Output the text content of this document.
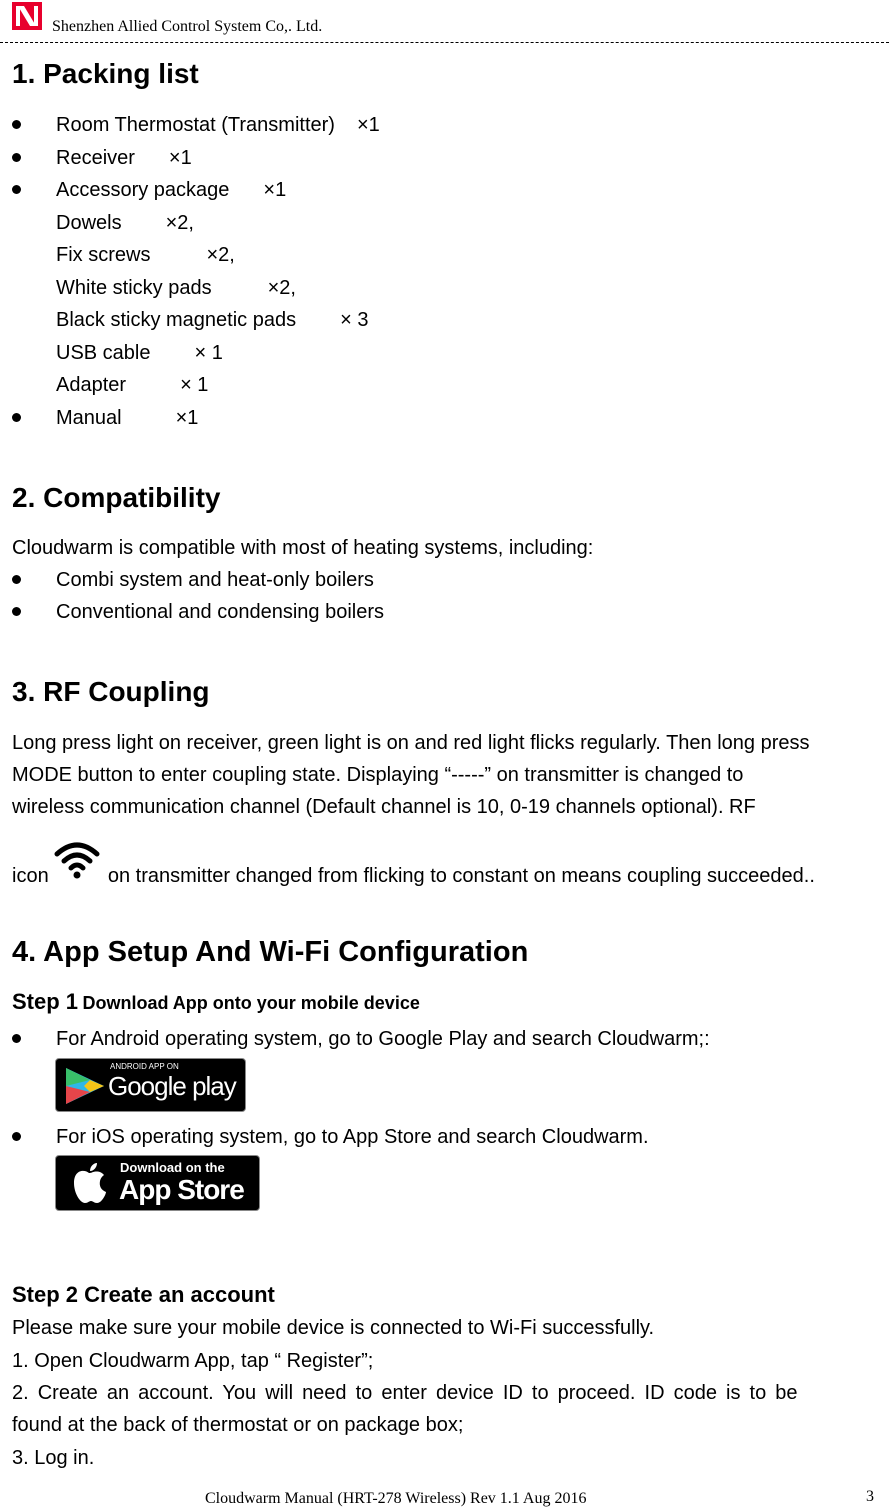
Shenzhen Allied Control System Co,. Ltd.
1. Packing list
Room Thermostat (Transmitter) ×1
Receiver ×1
Accessory package ×1
Dowels ×2,
Fix screws	×2,
White sticky pads	×2,
Black sticky magnetic pads × 3
USB cable × 1
Adapter	× 1
Manual	×1
2. Compatibility
Cloudwarm is compatible with most of heating systems, including:
Combi system and heat-only boilers
Conventional and condensing boilers
3. RF Coupling
Long press light on receiver, green light is on and red light flicks regularly. Then long press
MODE button to enter coupling state. Displaying “-----” on transmitter is changed to
wireless communication channel (Default channel is 10, 0-19 channels optional). RF
icon	on transmitter changed from flicking to constant on means coupling succeeded..
4. App Setup And Wi-Fi Configuration
Step 1 Download App onto your mobile device
For Android operating system, go to Google Play and search Cloudwarm;:
ANDROID APP ON
Google play
For iOS operating system, go to App Store and search Cloudwarm.
Download on the
App Store
Step 2 Create an account
Please make sure your mobile device is connected to Wi-Fi successfully.
1. Open Cloudwarm App, tap “ Register”;
2. Create an account. You will need to enter device ID to proceed. ID code is to be
found at the back of thermostat or on package box;
3. Log in.
Cloudwarm Manual (HRT-278 Wireless) Rev 1.1 Aug 2016	3
